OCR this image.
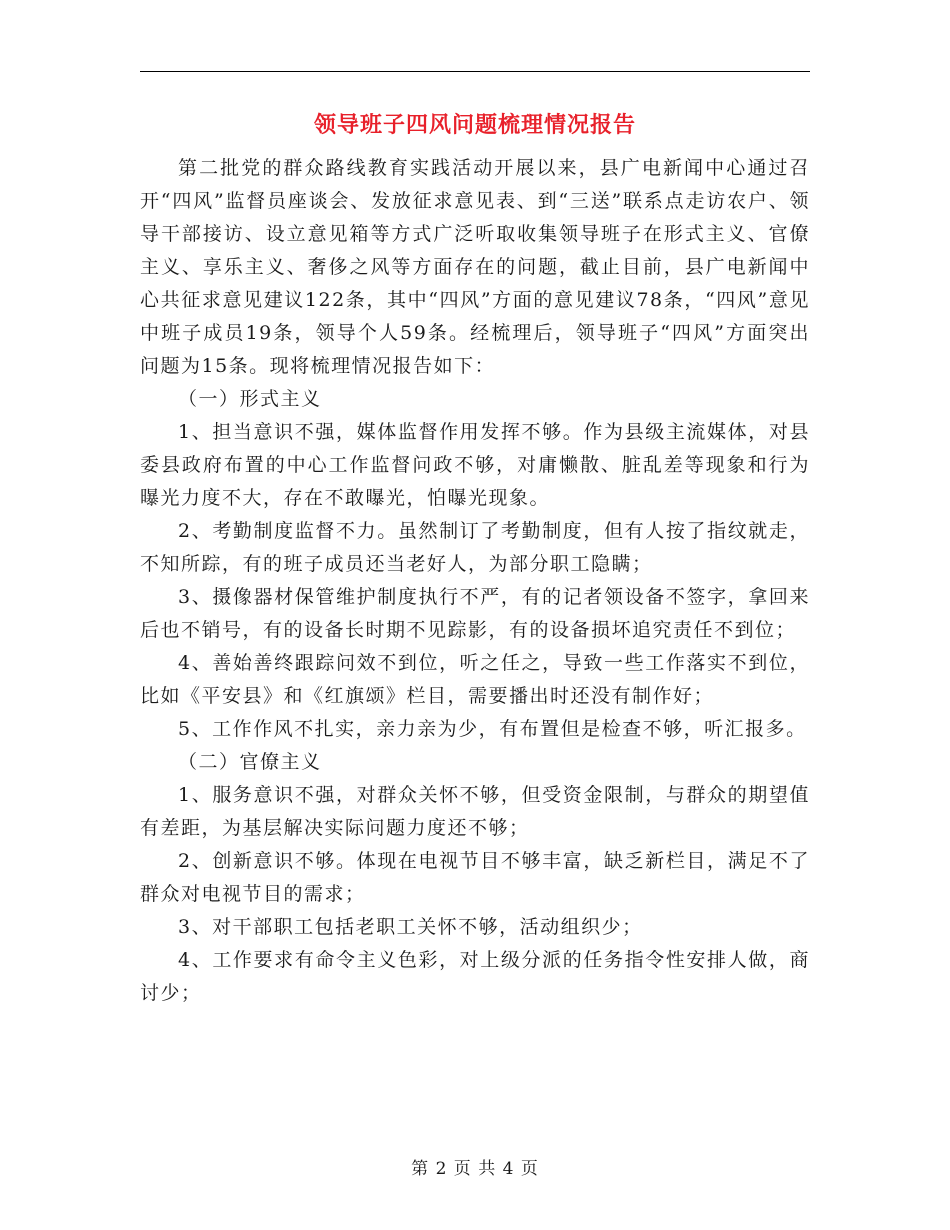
领导班子四风问题梳理情况报告

第二批党的群众路线教育实践活动开展以来，县广电新闻中心通过召开“四风”监督员座谈会、发放征求意见表、到“三送”联系点走访农户、领导干部接访、设立意见箱等方式广泛听取收集领导班子在形式主义、官僚主义、享乐主义、奢侈之风等方面存在的问题，截止目前，县广电新闻中心共征求意见建议122条，其中“四风”方面的意见建议78条，“四风”意见中班子成员19条，领导个人59条。经梳理后，领导班子“四风”方面突出问题为15条。现将梳理情况报告如下：

（一）形式主义

1、担当意识不强，媒体监督作用发挥不够。作为县级主流媒体，对县委县政府布置的中心工作监督问政不够，对庸懒散、脏乱差等现象和行为曝光力度不大，存在不敢曝光，怕曝光现象。

2、考勤制度监督不力。虽然制订了考勤制度，但有人按了指纹就走，不知所踪，有的班子成员还当老好人，为部分职工隐瞒；

3、摄像器材保管维护制度执行不严，有的记者领设备不签字，拿回来后也不销号，有的设备长时期不见踪影，有的设备损坏追究责任不到位；

4、善始善终跟踪问效不到位，听之任之，导致一些工作落实不到位，比如《平安县》和《红旗颂》栏目，需要播出时还没有制作好；

5、工作作风不扎实，亲力亲为少，有布置但是检查不够，听汇报多。

（二）官僚主义

1、服务意识不强，对群众关怀不够，但受资金限制，与群众的期望值有差距，为基层解决实际问题力度还不够；

2、创新意识不够。体现在电视节目不够丰富，缺乏新栏目，满足不了群众对电视节目的需求；

3、对干部职工包括老职工关怀不够，活动组织少；

4、工作要求有命令主义色彩，对上级分派的任务指令性安排人做，商讨少；

第 2 页 共 4 页
